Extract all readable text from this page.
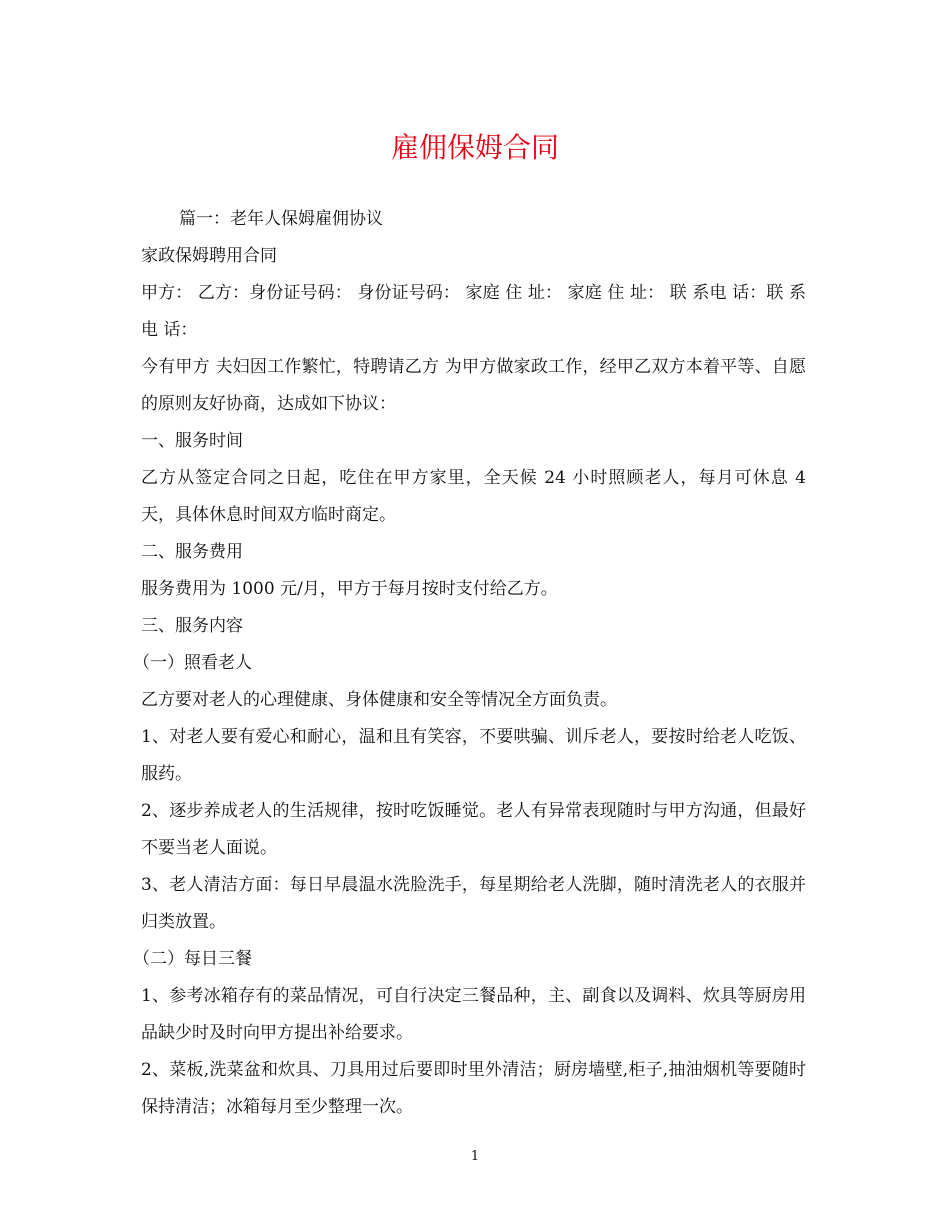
雇佣保姆合同

篇一：老年人保姆雇佣协议

家政保姆聘用合同

甲方： 乙方：身份证号码： 身份证号码： 家庭 住 址： 家庭 住 址： 联 系电 话：联 系电 话：

今有甲方 夫妇因工作繁忙，特聘请乙方 为甲方做家政工作，经甲乙双方本着平等、自愿的原则友好协商，达成如下协议：

一、服务时间

乙方从签定合同之日起，吃住在甲方家里，全天候 24 小时照顾老人，每月可休息 4 天，具体休息时间双方临时商定。

二、服务费用

服务费用为 1000 元/月，甲方于每月按时支付给乙方。

三、服务内容

（一）照看老人

乙方要对老人的心理健康、身体健康和安全等情况全方面负责。

1、对老人要有爱心和耐心，温和且有笑容，不要哄骗、训斥老人，要按时给老人吃饭、服药。

2、逐步养成老人的生活规律，按时吃饭睡觉。老人有异常表现随时与甲方沟通，但最好不要当老人面说。

3、老人清洁方面：每日早晨温水洗脸洗手，每星期给老人洗脚，随时清洗老人的衣服并归类放置。

（二）每日三餐

1、参考冰箱存有的菜品情况，可自行决定三餐品种，主、副食以及调料、炊具等厨房用品缺少时及时向甲方提出补给要求。

2、菜板,洗菜盆和炊具、刀具用过后要即时里外清洁；厨房墙壁,柜子,抽油烟机等要随时保持清洁；冰箱每月至少整理一次。

1
